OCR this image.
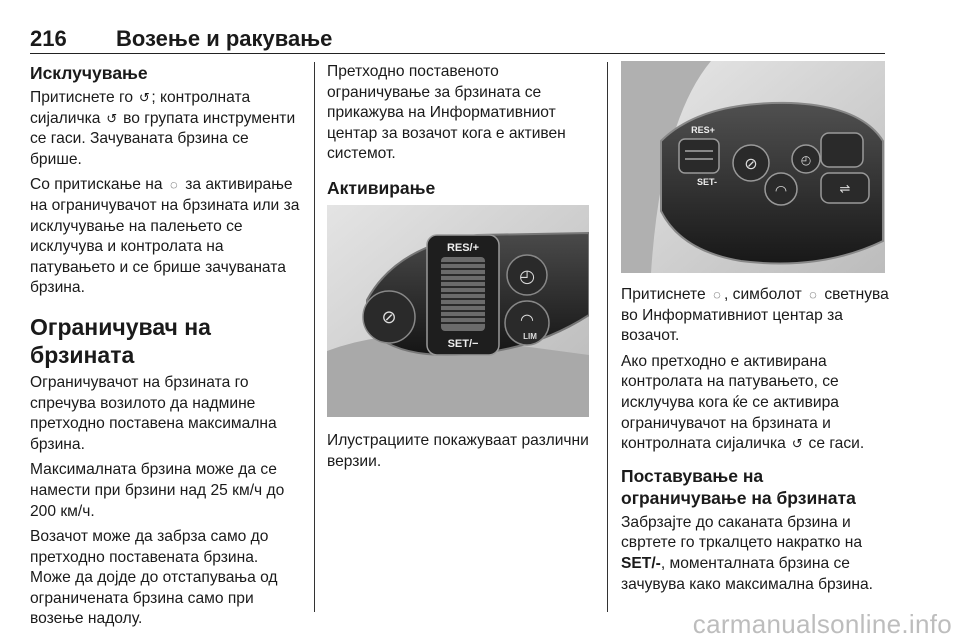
216 Возење и ракување
Исклучување
Притиснете го ↺; контролната сијаличка ↺ во групата инструменти се гаси. Зачуваната брзина се брише.
Со притискање на ◌ за активирање на ограничувачот на брзината или за исклучување на палењето се исклучува и контролата на патувањето и се брише зачуваната брзина.
Ограничувач на брзината
Ограничувачот на брзината го спречува возилото да надмине претходно поставена максимална брзина.
Максималната брзина може да се намести при брзини над 25 км/ч до 200 км/ч.
Возачот може да забрза само до претходно поставената брзина. Може да дојде до отстапувања од ограничената брзина само при возење надолу.
Претходно поставеното ограничување за брзината се прикажува на Информативниот центар за возачот кога е активен системот.
Активирање
⊘
RES/+
SET/−
◴
◠
LIM
Илустрациите покажуваат различни верзии.
RES+
SET-
⊘
◠
◴
⇌
Притиснете ◌ , симболот ◌ светнува во Информативниот центар за возачот.
Ако претходно е активирана контролата на патувањето, се исклучува кога ќе се активира ограничувачот на брзината и контролната сијаличка ↺ се гаси.
Поставување на ограничување на брзината
Забрзајте до саканата брзина и свртете го тркалцето накратко на SET/-, моменталната брзина се зачувува како максимална брзина.
carmanualsonline.info
